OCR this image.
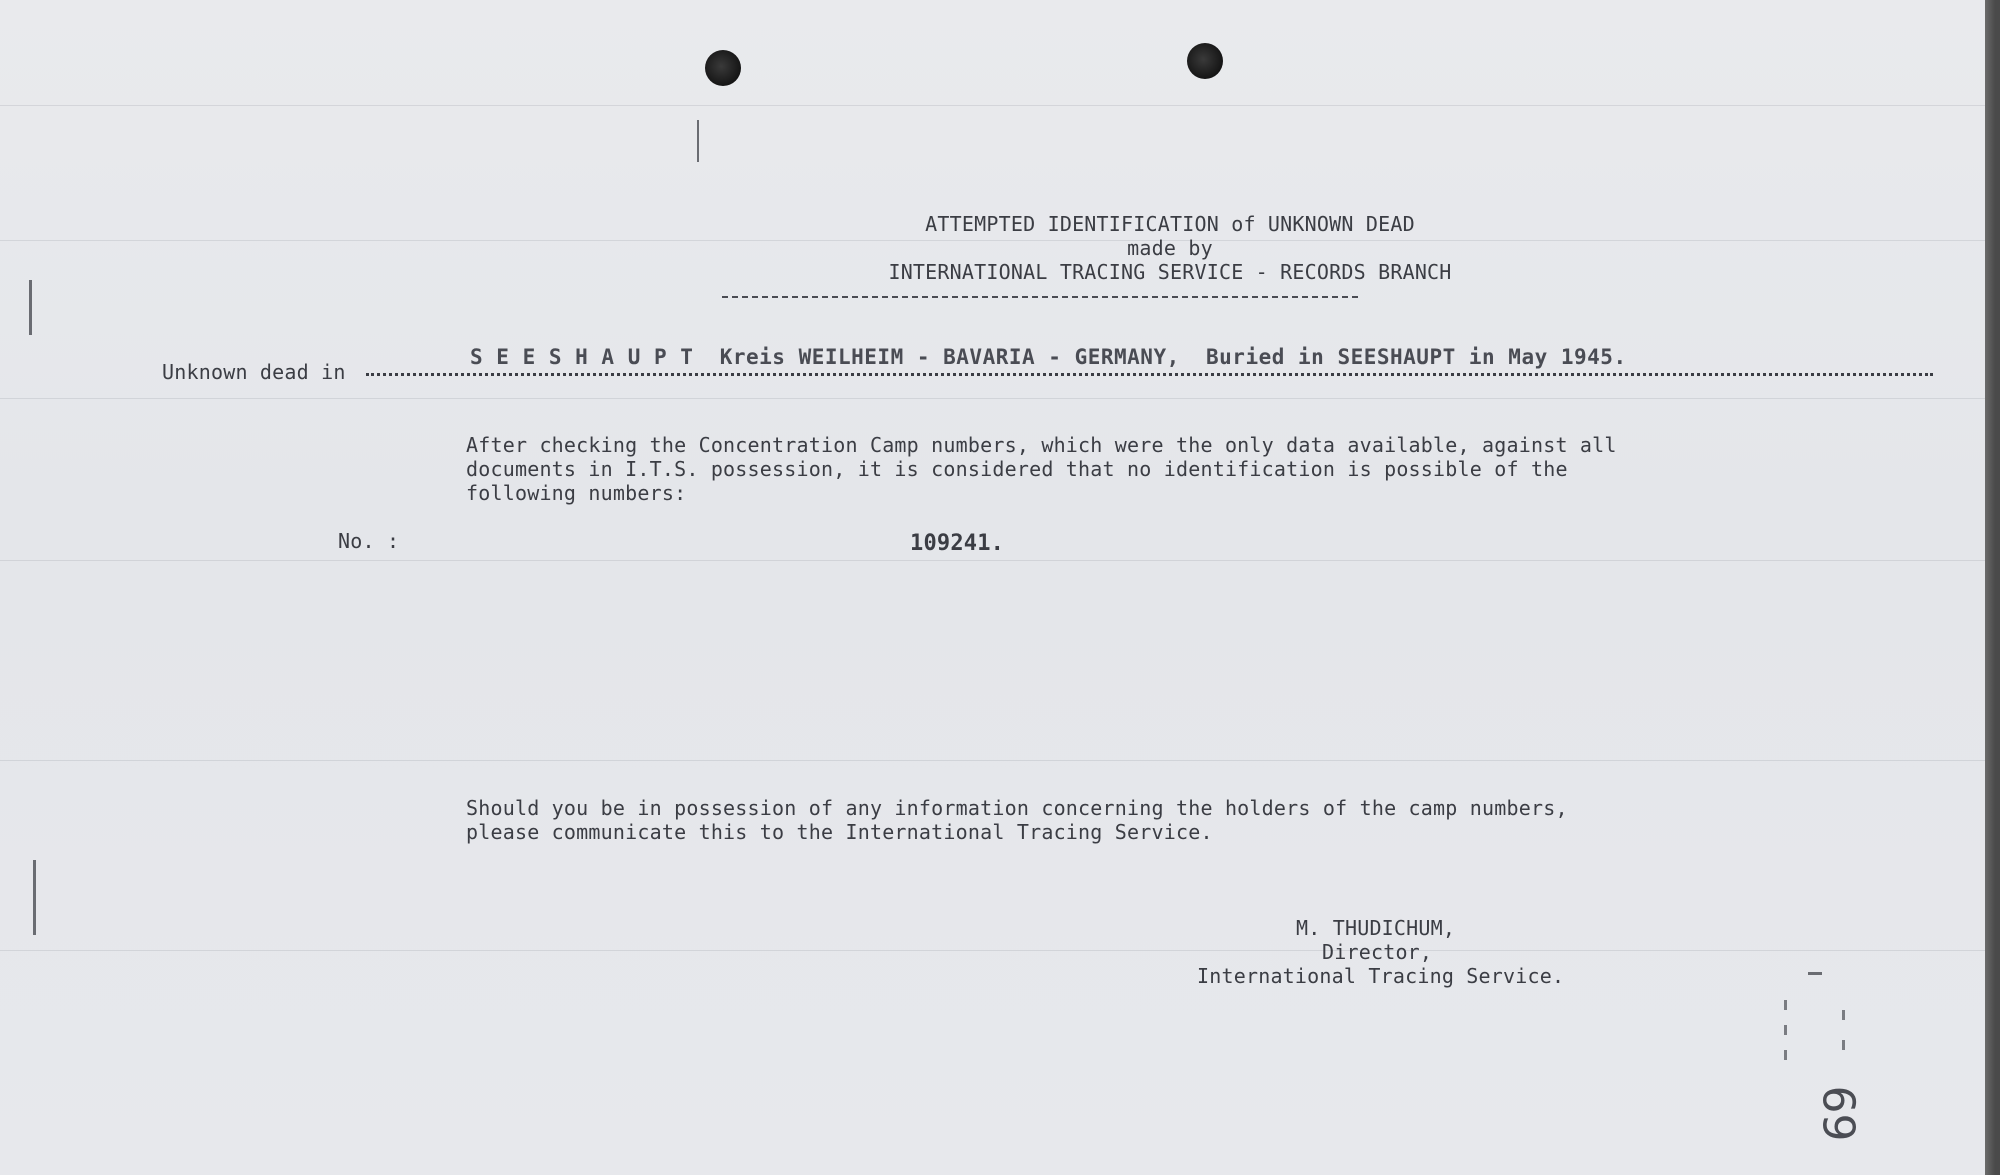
ATTEMPTED IDENTIFICATION of UNKNOWN DEAD
made by
INTERNATIONAL TRACING SERVICE - RECORDS BRANCH
Unknown dead in
S E E S H A U P T  Kreis WEILHEIM - BAVARIA - GERMANY,  Buried in SEESHAUPT in May 1945.
After checking the Concentration Camp numbers, which were the only data available, against all
documents in I.T.S. possession, it is considered that no identification is possible of the
following numbers:
No. :	109241.
Should you be in possession of any information concerning the holders of the camp numbers,
please communicate this to the International Tracing Service.
M. THUDICHUM,
Director,
International Tracing Service.
69
